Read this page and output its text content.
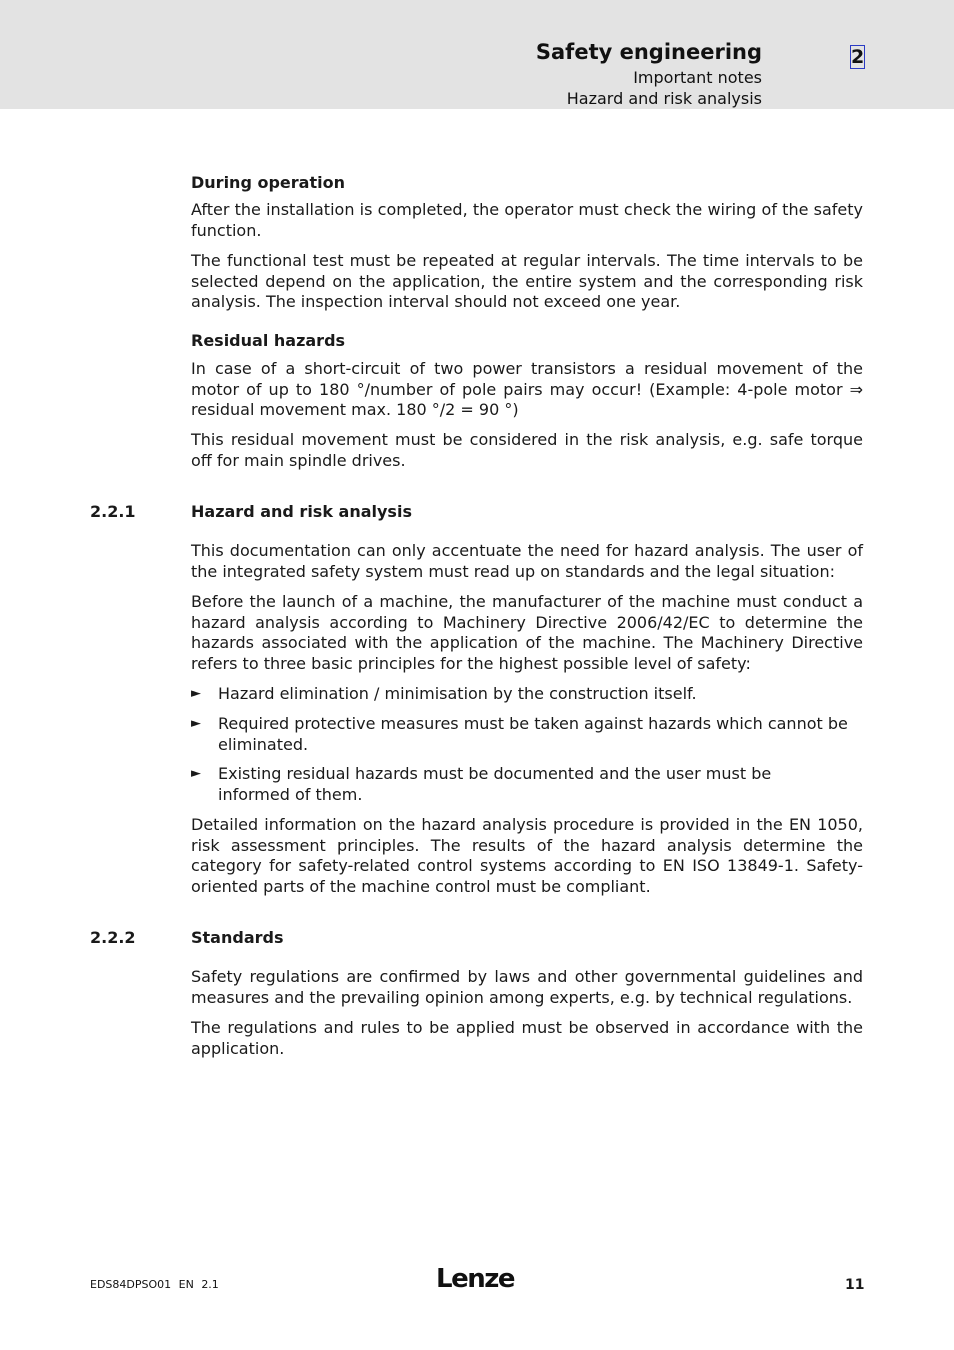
Safety engineering
Important notes
Hazard and risk analysis
2
During operation
After the installation is completed, the operator must check the wiring of the safety function.
The functional test must be repeated at regular intervals. The time intervals to be selected depend on the application, the entire system and the corresponding risk analysis. The inspection interval should not exceed one year.
Residual hazards
In case of a short-circuit of two power transistors a residual movement of the motor of up to 180 °/number of pole pairs may occur! (Example: 4-pole motor ⇒ residual movement max. 180 °/2 = 90 °)
This residual movement must be considered in the risk analysis, e.g. safe torque off for main spindle drives.
This documentation can only accentuate the need for hazard analysis. The user of the integrated safety system must read up on standards and the legal situation:
Before the launch of a machine, the manufacturer of the machine must conduct a hazard analysis according to Machinery Directive 2006/42/EC to determine the hazards associated with the application of the machine. The Machinery Directive refers to three basic principles for the highest possible level of safety:
► Hazard elimination / minimisation by the construction itself.
► Required protective measures must be taken against hazards which cannot be eliminated.
► Existing residual hazards must be documented and the user must be informed of them.
Detailed information on the hazard analysis procedure is provided in the EN 1050, risk assessment principles. The results of the hazard analysis determine the category for safety-related control systems according to EN ISO 13849-1. Safety-oriented parts of the machine control must be compliant.
Safety regulations are confirmed by laws and other governmental guidelines and measures and the prevailing opinion among experts, e.g. by technical regulations.
The regulations and rules to be applied must be observed in accordance with the application.
2.2.1	Hazard and risk analysis
2.2.2	Standards
EDS84DPSO01 EN 2.1	Lenze	11
